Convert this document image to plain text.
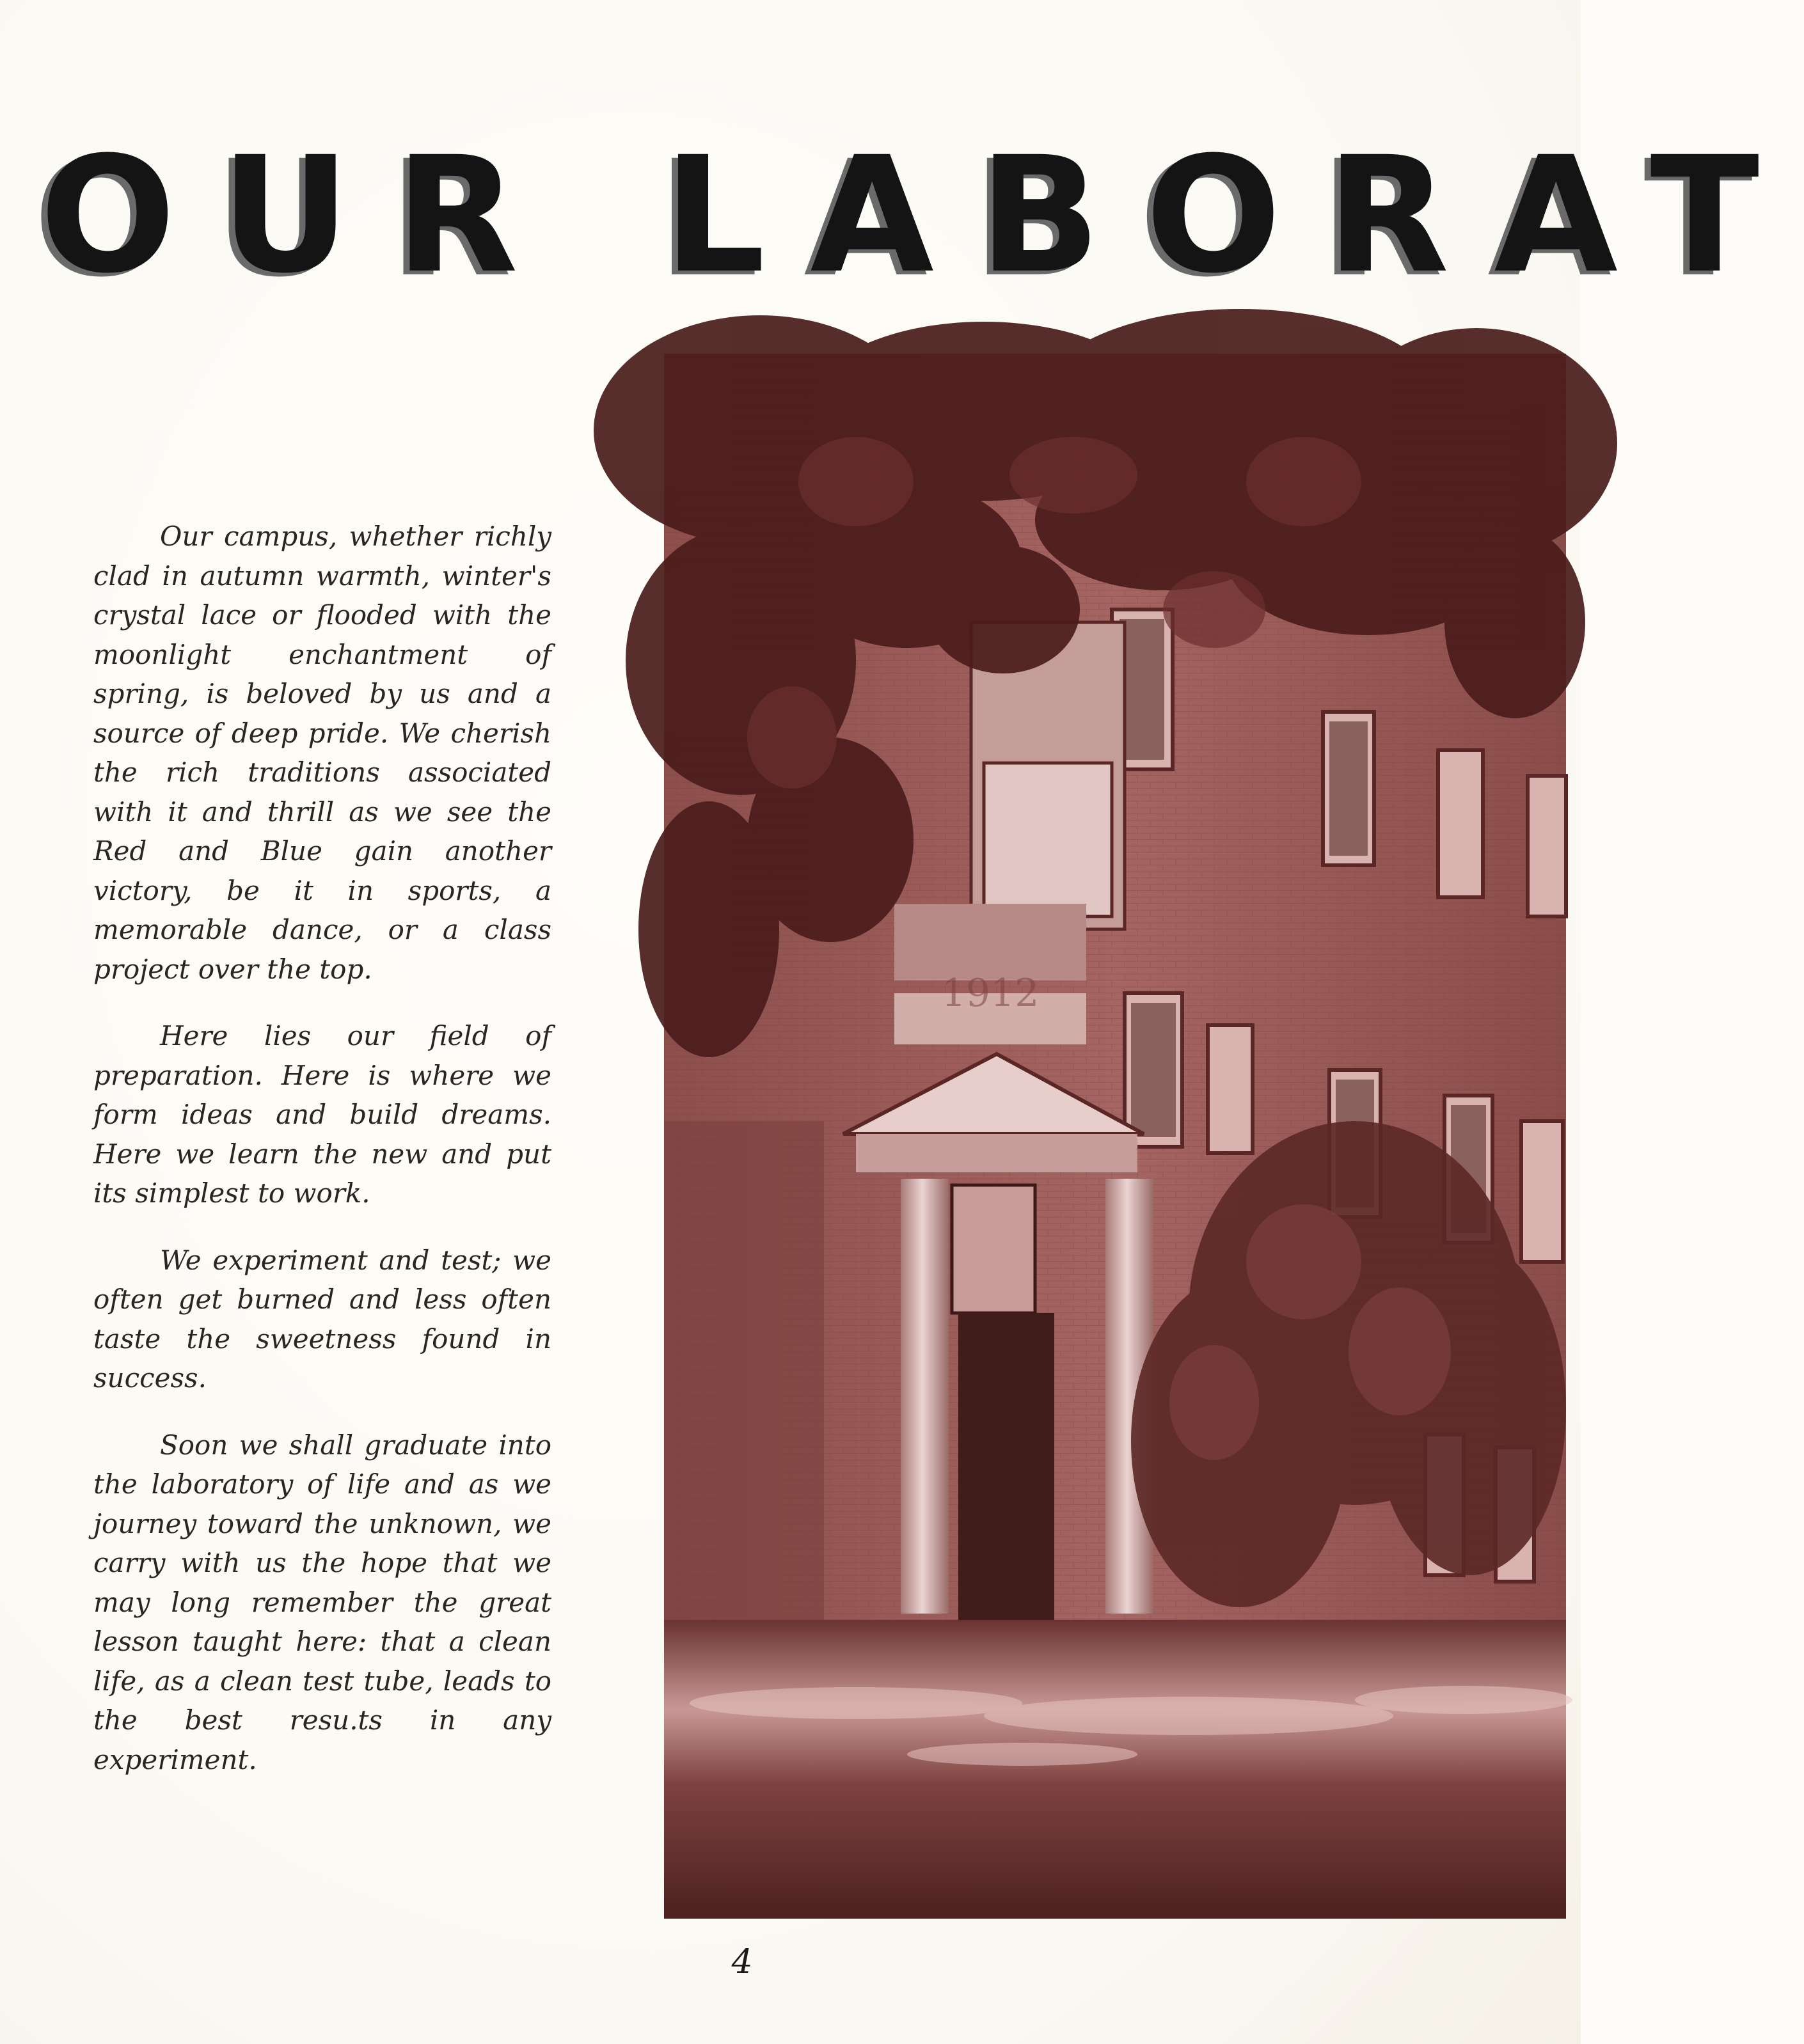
OUR LABORAT

Our campus, whether richly clad in autumn warmth, winter's crystal lace or flooded with the moonlight enchantment of spring, is beloved by us and a source of deep pride. We cherish the rich traditions associated with it and thrill as we see the Red and Blue gain another victory, be it in sports, a memorable dance, or a class project over the top.

Here lies our field of preparation. Here is where we form ideas and build dreams. Here we learn the new and put its simplest to work.

We experiment and test; we often get burned and less often taste the sweetness found in success.

Soon we shall graduate into the laboratory of life and as we journey toward the unknown, we carry with us the hope that we may long remember the great lesson taught here: that a clean life, as a clean test tube, leads to the best resu.ts in any experiment.

1912
4
